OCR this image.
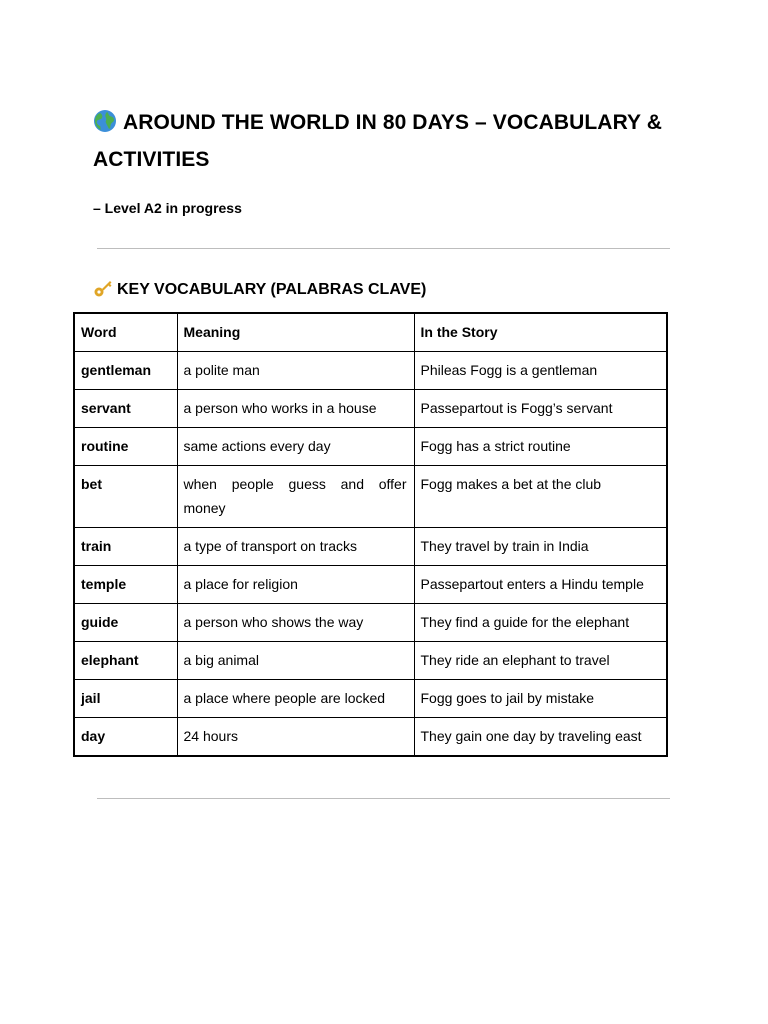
AROUND THE WORLD IN 80 DAYS – VOCABULARY & ACTIVITIES

– Level A2 in progress

KEY VOCABULARY (PALABRAS CLAVE)
Word	Meaning	In the Story
gentleman	a polite man	Phileas Fogg is a gentleman
servant	a person who works in a house	Passepartout is Fogg’s servant
routine	same actions every day	Fogg has a strict routine
bet	when people guess and offer money	Fogg makes a bet at the club
train	a type of transport on tracks	They travel by train in India
temple	a place for religion	Passepartout enters a Hindu temple
guide	a person who shows the way	They find a guide for the elephant
elephant	a big animal	They ride an elephant to travel
jail	a place where people are locked	Fogg goes to jail by mistake
day	24 hours	They gain one day by traveling east
